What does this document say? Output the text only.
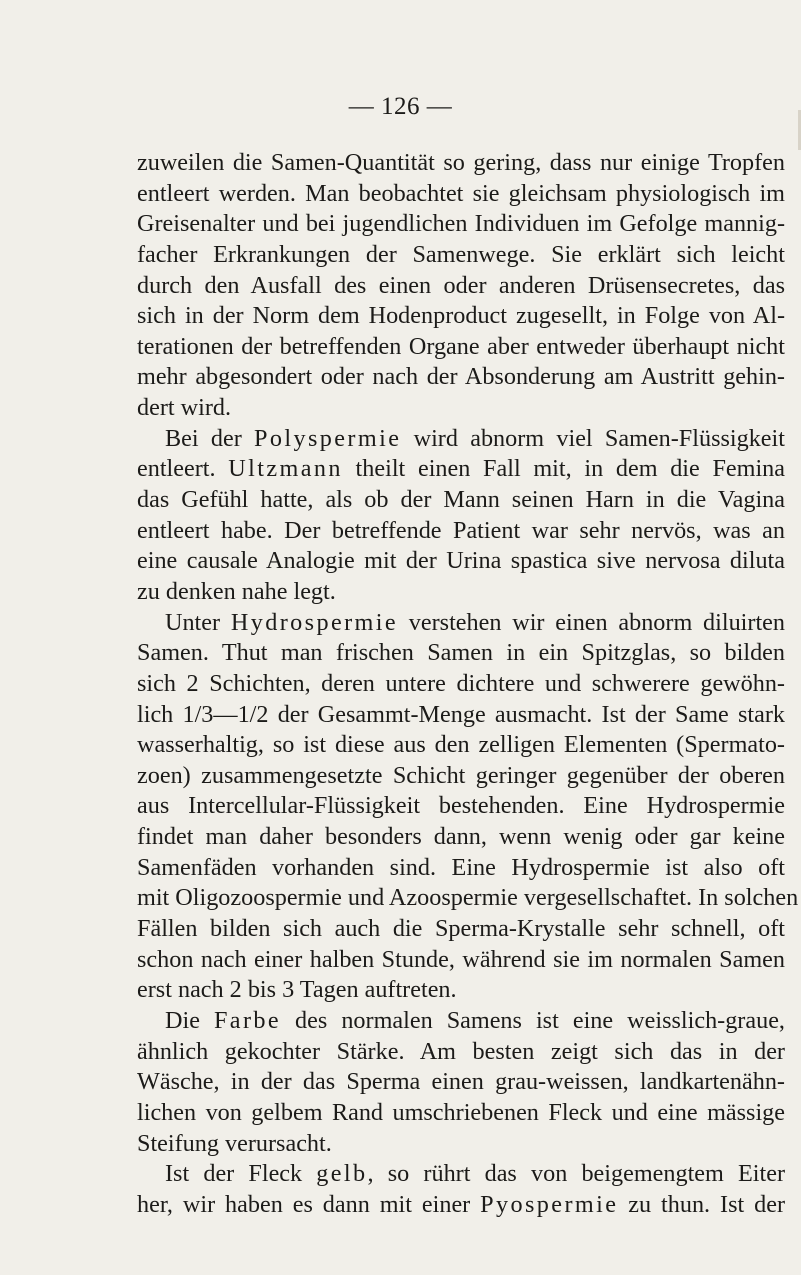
— 126 —
zuweilen die Samen-Quantität so gering, dass nur einige Tropfen
entleert werden. Man beobachtet sie gleichsam physiologisch im
Greisenalter und bei jugendlichen Individuen im Gefolge mannig-
facher Erkrankungen der Samenwege. Sie erklärt sich leicht
durch den Ausfall des einen oder anderen Drüsensecretes, das
sich in der Norm dem Hodenproduct zugesellt, in Folge von Al-
terationen der betreffenden Organe aber entweder überhaupt nicht
mehr abgesondert oder nach der Absonderung am Austritt gehin-
dert wird.
Bei der Polyspermie wird abnorm viel Samen-Flüssigkeit
entleert. Ultzmann theilt einen Fall mit, in dem die Femina
das Gefühl hatte, als ob der Mann seinen Harn in die Vagina
entleert habe. Der betreffende Patient war sehr nervös, was an
eine causale Analogie mit der Urina spastica sive nervosa diluta
zu denken nahe legt.
Unter Hydrospermie verstehen wir einen abnorm diluirten
Samen. Thut man frischen Samen in ein Spitzglas, so bilden
sich 2 Schichten, deren untere dichtere und schwerere gewöhn-
lich 1/3—1/2 der Gesammt-Menge ausmacht. Ist der Same stark
wasserhaltig, so ist diese aus den zelligen Elementen (Spermato-
zoen) zusammengesetzte Schicht geringer gegenüber der oberen
aus Intercellular-Flüssigkeit bestehenden. Eine Hydrospermie
findet man daher besonders dann, wenn wenig oder gar keine
Samenfäden vorhanden sind. Eine Hydrospermie ist also oft
mit Oligozoospermie und Azoospermie vergesellschaftet. In solchen
Fällen bilden sich auch die Sperma-Krystalle sehr schnell, oft
schon nach einer halben Stunde, während sie im normalen Samen
erst nach 2 bis 3 Tagen auftreten.
Die Farbe des normalen Samens ist eine weisslich-graue,
ähnlich gekochter Stärke. Am besten zeigt sich das in der
Wäsche, in der das Sperma einen grau-weissen, landkartenähn-
lichen von gelbem Rand umschriebenen Fleck und eine mässige
Steifung verursacht.
Ist der Fleck gelb, so rührt das von beigemengtem Eiter
her, wir haben es dann mit einer Pyospermie zu thun. Ist der
